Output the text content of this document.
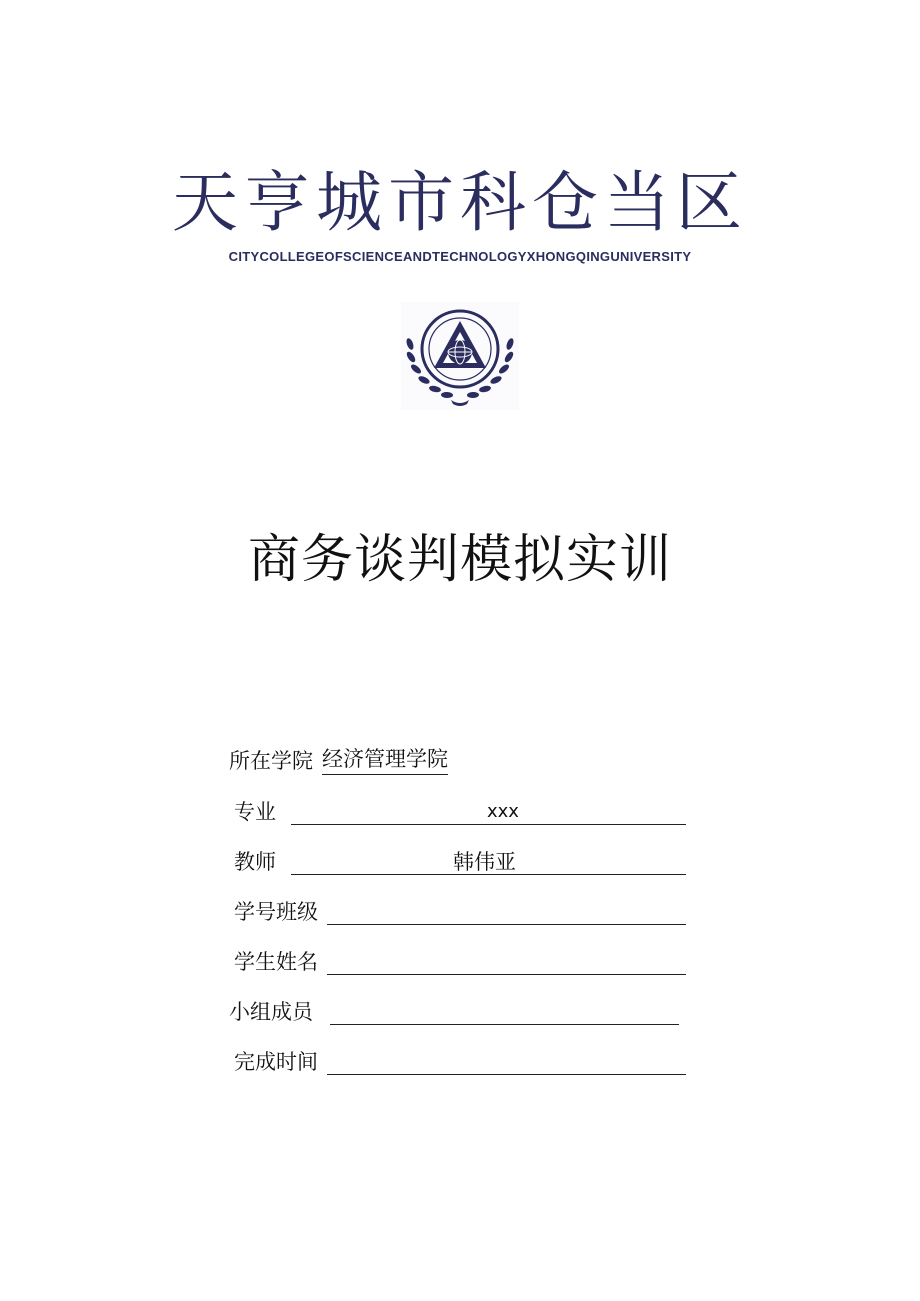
天亨城市科仓当区
CITYCOLLEGEOFSCIENCEANDTECHNOLOGYXHONGQINGUNIVERSITY
商务谈判模拟实训
所在学院 经济管理学院
专业	xxx
教师	韩伟亚
学号班级
学生姓名
小组成员
完成时间
